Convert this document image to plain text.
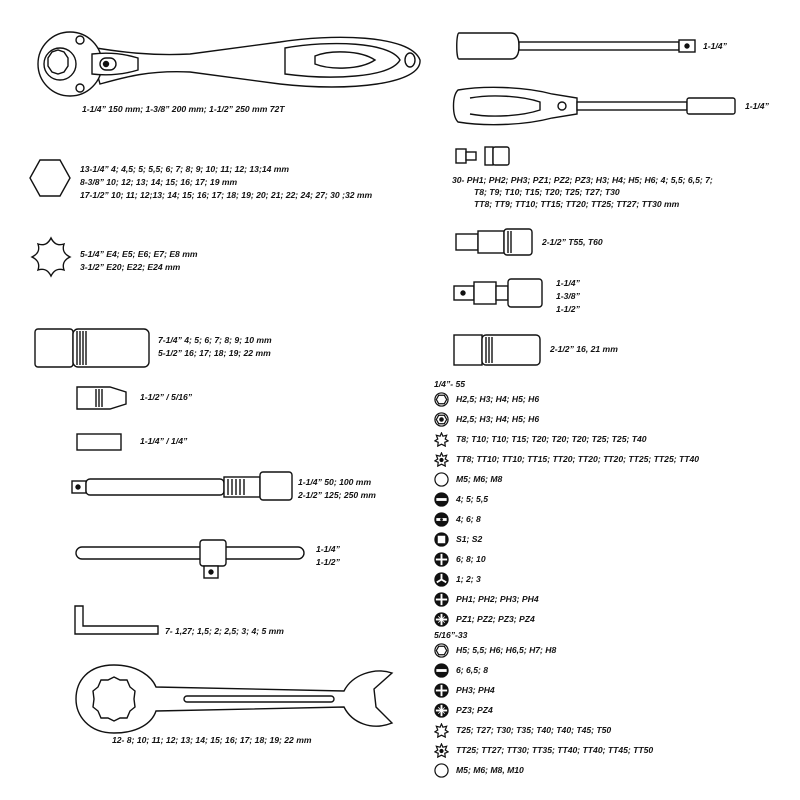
1-1/4” 150 mm; 1-3/8” 200 mm; 1-1/2” 250 mm 72T
13-1/4” 4; 4,5; 5; 5,5; 6; 7; 8; 9; 10; 11; 12; 13;14 mm
8-3/8” 10; 12; 13; 14; 15; 16; 17; 19 mm
17-1/2” 10; 11; 12;13; 14; 15; 16; 17; 18; 19; 20; 21; 22; 24; 27; 30 ;32 mm
5-1/4” E4; E5; E6; E7; E8 mm
3-1/2” E20; E22; E24 mm
7-1/4” 4; 5; 6; 7; 8; 9; 10 mm
5-1/2” 16; 17; 18; 19; 22 mm
1-1/2” / 5/16”
1-1/4” / 1/4”
1-1/4” 50; 100 mm
2-1/2” 125; 250 mm
1-1/4”
1-1/2”
7- 1,27; 1,5; 2; 2,5; 3; 4; 5 mm
12- 8; 10; 11; 12; 13; 14; 15; 16; 17; 18; 19; 22 mm
1-1/4”
1-1/4”
30- PH1; PH2; PH3; PZ1; PZ2; PZ3; H3; H4; H5; H6; 4; 5,5; 6,5; 7;
T8; T9; T10; T15; T20; T25; T27; T30
TT8; TT9; TT10; TT15; TT20; TT25; TT27; TT30 mm
2-1/2” T55, T60
1-1/4”
1-3/8”
1-1/2”
2-1/2” 16, 21 mm
1/4”- 55
H2,5; H3; H4; H5; H6
H2,5; H3; H4; H5; H6
T8; T10; T10; T15; T20; T20; T20; T25; T25; T40
TT8; TT10; TT10; TT15; TT20; TT20; TT20; TT25; TT25; TT40
M5; M6; M8
4; 5; 5,5
4; 6; 8
S1; S2
6; 8; 10
1; 2; 3
PH1; PH2; PH3; PH4
PZ1; PZ2; PZ3; PZ4
5/16”-33
H5; 5,5; H6; H6,5; H7; H8
6; 6,5; 8
PH3; PH4
PZ3; PZ4
T25; T27; T30; T35; T40; T40; T45; T50
TT25; TT27; TT30; TT35; TT40; TT40; TT45; TT50
M5; M6; M8, M10
